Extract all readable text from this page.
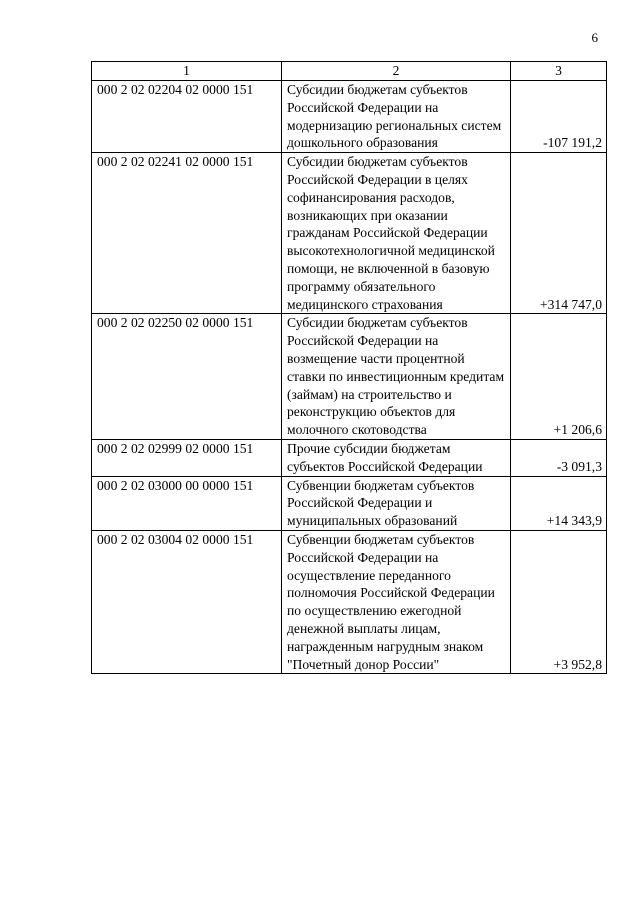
6
1	2	3
000 2 02 02204 02 0000 151	Субсидии бюджетам субъектов Российской Федерации на модернизацию региональных систем дошкольного образования	-107 191,2
000 2 02 02241 02 0000 151	Субсидии бюджетам субъектов Российской Федерации в целях софинансирования расходов, возникающих при оказании гражданам Российской Федерации высокотехнологичной медицинской помощи, не включенной в базовую программу обязательного медицинского страхования	+314 747,0
000 2 02 02250 02 0000 151	Субсидии бюджетам субъектов Российской Федерации на возмещение части процентной ставки по инвестиционным кредитам (займам) на строительство и реконструкцию объектов для молочного скотоводства	+1 206,6
000 2 02 02999 02 0000 151	Прочие субсидии бюджетам субъектов Российской Федерации	-3 091,3
000 2 02 03000 00 0000 151	Субвенции бюджетам субъектов Российской Федерации и муниципальных образований	+14 343,9
000 2 02 03004 02 0000 151	Субвенции бюджетам субъектов Российской Федерации на осуществление переданного полномочия Российской Федерации по осуществлению ежегодной денежной выплаты лицам, награжденным нагрудным знаком "Почетный донор России"	+3 952,8
